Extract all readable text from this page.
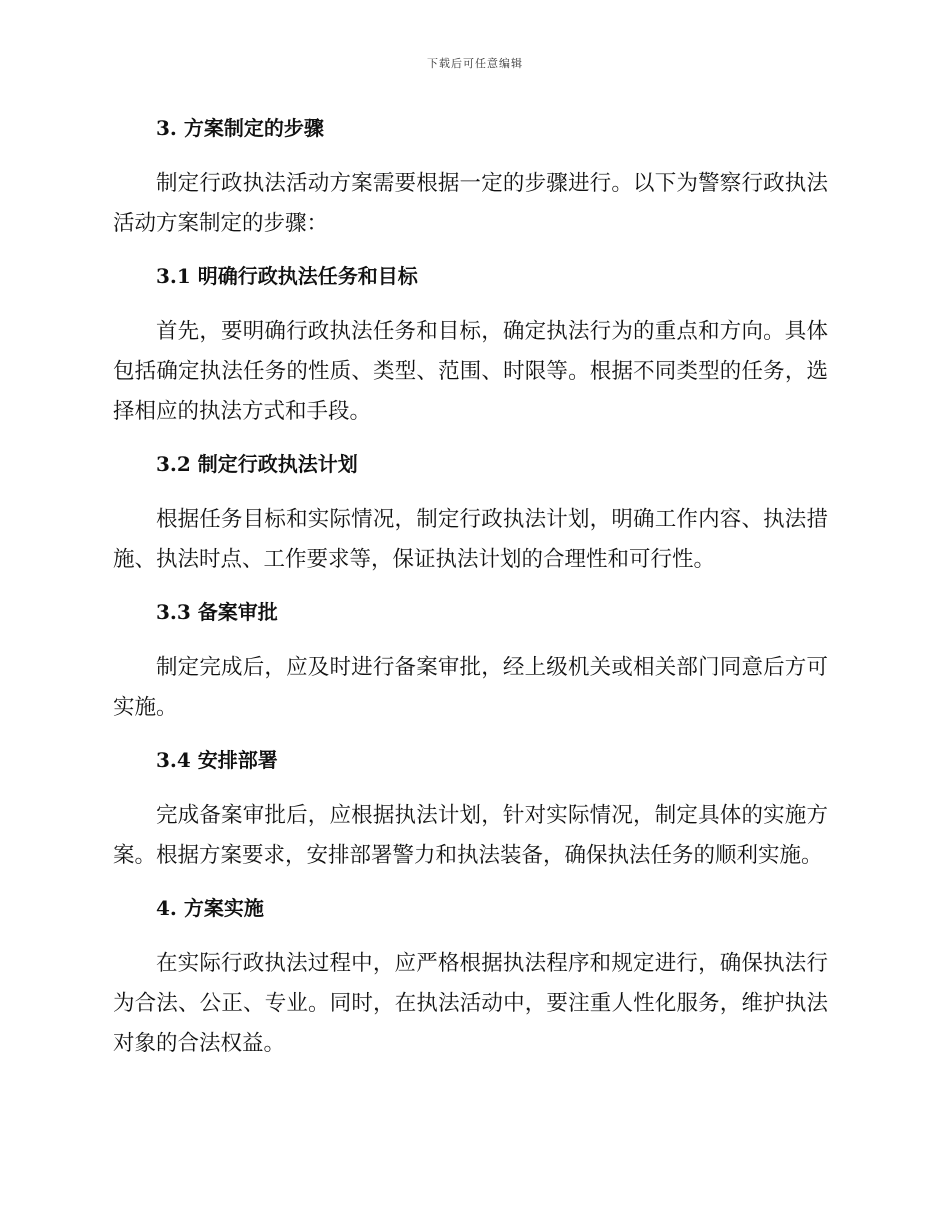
下载后可任意编辑
3. 方案制定的步骤

制定行政执法活动方案需要根据一定的步骤进行。以下为警察行政执法活动方案制定的步骤：

3.1 明确行政执法任务和目标

首先，要明确行政执法任务和目标，确定执法行为的重点和方向。具体包括确定执法任务的性质、类型、范围、时限等。根据不同类型的任务，选择相应的执法方式和手段。

3.2 制定行政执法计划

根据任务目标和实际情况，制定行政执法计划，明确工作内容、执法措施、执法时点、工作要求等，保证执法计划的合理性和可行性。

3.3 备案审批

制定完成后，应及时进行备案审批，经上级机关或相关部门同意后方可实施。

3.4 安排部署

完成备案审批后，应根据执法计划，针对实际情况，制定具体的实施方案。根据方案要求，安排部署警力和执法装备，确保执法任务的顺利实施。

4. 方案实施

在实际行政执法过程中，应严格根据执法程序和规定进行，确保执法行为合法、公正、专业。同时，在执法活动中，要注重人性化服务，维护执法对象的合法权益。
